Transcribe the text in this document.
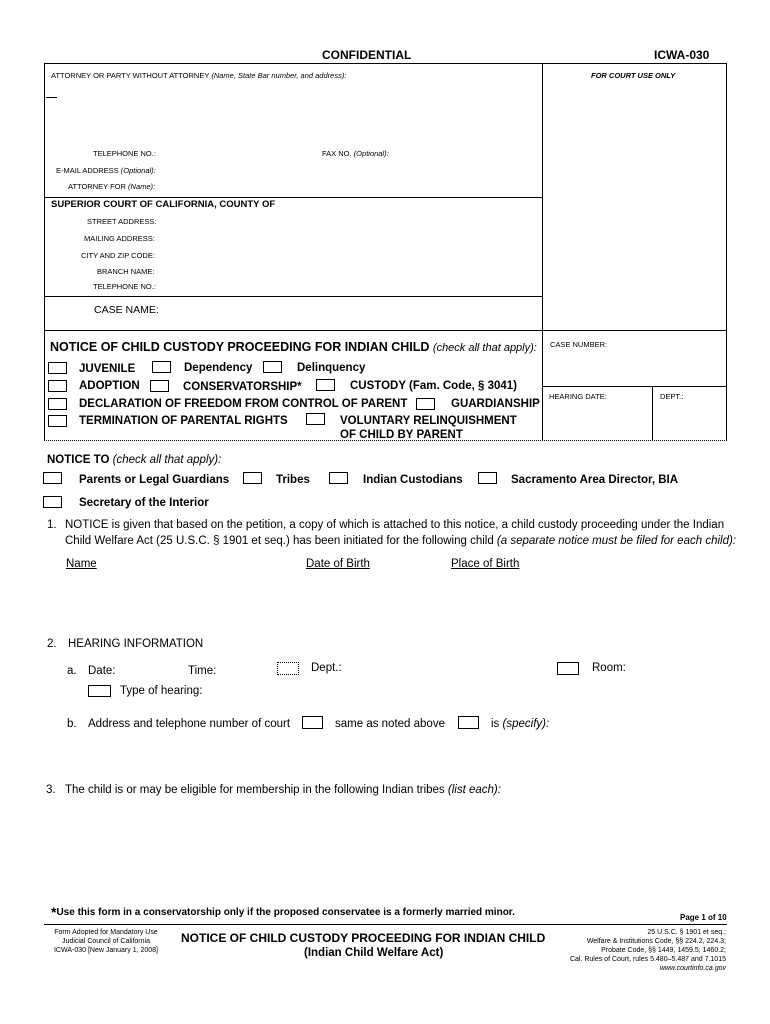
CONFIDENTIAL	ICWA-030
ATTORNEY OR PARTY WITHOUT ATTORNEY (Name, State Bar number, and address):
TELEPHONE NO.:	FAX NO. (Optional):
E-MAIL ADDRESS (Optional):
ATTORNEY FOR (Name):
FOR COURT USE ONLY
SUPERIOR COURT OF CALIFORNIA, COUNTY OF
STREET ADDRESS:
MAILING ADDRESS:
CITY AND ZIP CODE:
BRANCH NAME:
TELEPHONE NO.:
CASE NAME:
CASE NUMBER:
HEARING DATE:	DEPT.:
NOTICE OF CHILD CUSTODY PROCEEDING FOR INDIAN CHILD (check all that apply):
JUVENILE	Dependency	Delinquency
ADOPTION	CONSERVATORSHIP*	CUSTODY (Fam. Code, § 3041)
DECLARATION OF FREEDOM FROM CONTROL OF PARENT	GUARDIANSHIP
TERMINATION OF PARENTAL RIGHTS	VOLUNTARY RELINQUISHMENT
OF CHILD BY PARENT
NOTICE TO (check all that apply):
Parents or Legal Guardians	Tribes	Indian Custodians	Sacramento Area Director, BIA
Secretary of the Interior
1. NOTICE is given that based on the petition, a copy of which is attached to this notice, a child custody proceeding under the Indian
Child Welfare Act (25 U.S.C. § 1901 et seq.) has been initiated for the following child (a separate notice must be filed for each child):
Name	Date of Birth	Place of Birth
2. HEARING INFORMATION
a. Date:	Time:	Dept.:	Room:
Type of hearing:
b. Address and telephone number of court	same as noted above	is (specify):
3. The child is or may be eligible for membership in the following Indian tribes (list each):
*Use this form in a conservatorship only if the proposed conservatee is a formerly married minor.	Page 1 of 10
Form Adopted for Mandatory Use
Judicial Council of California
ICWA-030 [New January 1, 2008]
NOTICE OF CHILD CUSTODY PROCEEDING FOR INDIAN CHILD
(Indian Child Welfare Act)
25 U.S.C. § 1901 et seq.;
Welfare & Institutions Code, §§ 224.2, 224.3;
Probate Code, §§ 1449, 1459.5; 1460.2;
Cal. Rules of Court, rules 5.480–5.487 and 7.1015
www.courtinfo.ca.gov
